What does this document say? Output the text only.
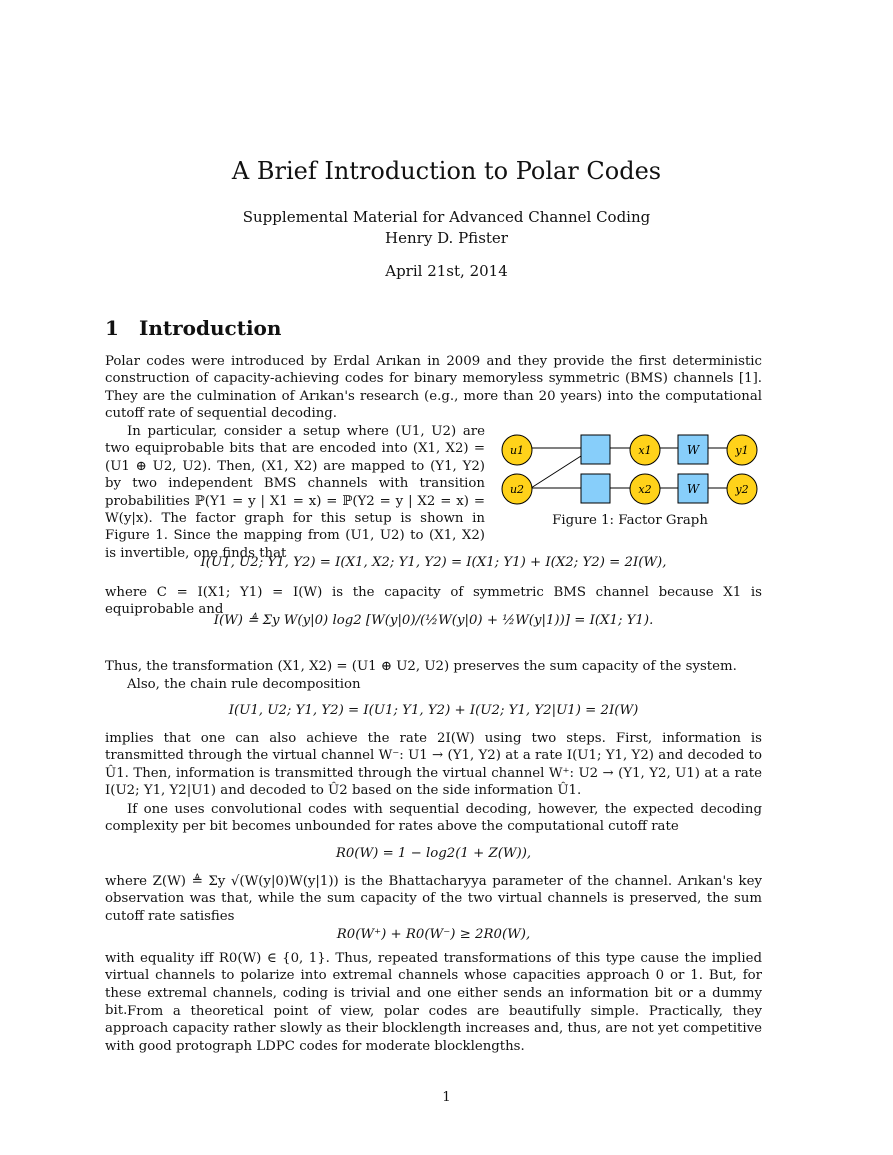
A Brief Introduction to Polar Codes
Supplemental Material for Advanced Channel Coding
Henry D. Pfister
April 21st, 2014
1 Introduction
Polar codes were introduced by Erdal Arıkan in 2009 and they provide the first deterministic construction of capacity-achieving codes for binary memoryless symmetric (BMS) channels [1]. They are the culmination of Arıkan's research (e.g., more than 20 years) into the computational cutoff rate of sequential decoding.
In particular, consider a setup where (U1, U2) are two equiprobable bits that are encoded into (X1, X2) = (U1 ⊕ U2, U2). Then, (X1, X2) are mapped to (Y1, Y2) by two independent BMS channels with transition probabilities ℙ(Y1 = y | X1 = x) = ℙ(Y2 = y | X2 = x) = W(y|x). The factor graph for this setup is shown in Figure 1. Since the mapping from (U1, U2) to (X1, X2) is invertible, one finds that
u1
u2
x1
x2
W
W
y1
y2
Figure 1: Factor Graph
I(U1, U2; Y1, Y2) = I(X1, X2; Y1, Y2) = I(X1; Y1) + I(X2; Y2) = 2I(W),
where C = I(X1; Y1) = I(W) is the capacity of symmetric BMS channel because X1 is equiprobable and
I(W) ≜ Σy W(y|0) log2 [W(y|0)/(½W(y|0) + ½W(y|1))] = I(X1; Y1).
Thus, the transformation (X1, X2) = (U1 ⊕ U2, U2) preserves the sum capacity of the system.
Also, the chain rule decomposition
I(U1, U2; Y1, Y2) = I(U1; Y1, Y2) + I(U2; Y1, Y2|U1) = 2I(W)
implies that one can also achieve the rate 2I(W) using two steps. First, information is transmitted through the virtual channel W⁻: U1 → (Y1, Y2) at a rate I(U1; Y1, Y2) and decoded to Û1. Then, information is transmitted through the virtual channel W⁺: U2 → (Y1, Y2, U1) at a rate I(U2; Y1, Y2|U1) and decoded to Û2 based on the side information Û1.
If one uses convolutional codes with sequential decoding, however, the expected decoding complexity per bit becomes unbounded for rates above the computational cutoff rate
R0(W) = 1 − log2(1 + Z(W)),
where Z(W) ≜ Σy √(W(y|0)W(y|1)) is the Bhattacharyya parameter of the channel. Arıkan's key observation was that, while the sum capacity of the two virtual channels is preserved, the sum cutoff rate satisfies
R0(W⁺) + R0(W⁻) ≥ 2R0(W),
with equality iff R0(W) ∈ {0, 1}. Thus, repeated transformations of this type cause the implied virtual channels to polarize into extremal channels whose capacities approach 0 or 1. But, for these extremal channels, coding is trivial and one either sends an information bit or a dummy bit. From a theoretical point of view, polar codes are beautifully simple. Practically, they approach capacity rather slowly as their blocklength increases and, thus, are not yet competitive with good protograph LDPC codes for moderate blocklengths.
1
